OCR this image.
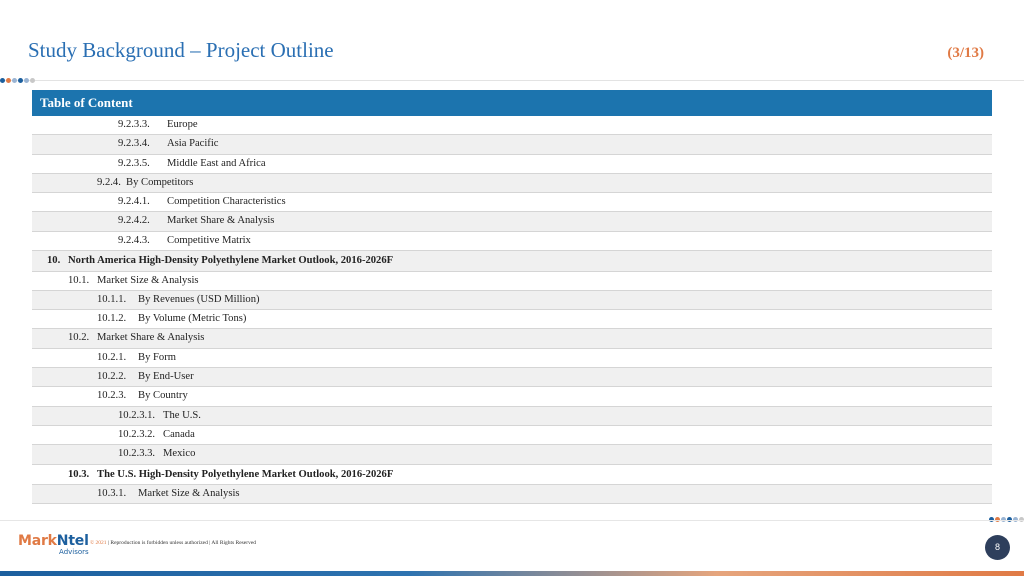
Study Background – Project Outline	(3/13)
Table of Content
9.2.3.3. Europe
9.2.3.4. Asia Pacific
9.2.3.5. Middle East and Africa
9.2.4. By Competitors
9.2.4.1. Competition Characteristics
9.2.4.2. Market Share & Analysis
9.2.4.3. Competitive Matrix
10. North America High-Density Polyethylene Market Outlook, 2016-2026F
10.1. Market Size & Analysis
10.1.1. By Revenues (USD Million)
10.1.2. By Volume (Metric Tons)
10.2. Market Share & Analysis
10.2.1. By Form
10.2.2. By End-User
10.2.3. By Country
10.2.3.1. The U.S.
10.2.3.2. Canada
10.2.3.3. Mexico
10.3. The U.S. High-Density Polyethylene Market Outlook, 2016-2026F
10.3.1. Market Size & Analysis
MarkNtel
Advisors
© 2021 | Reproduction is forbidden unless authorized | All Rights Reserved	8
